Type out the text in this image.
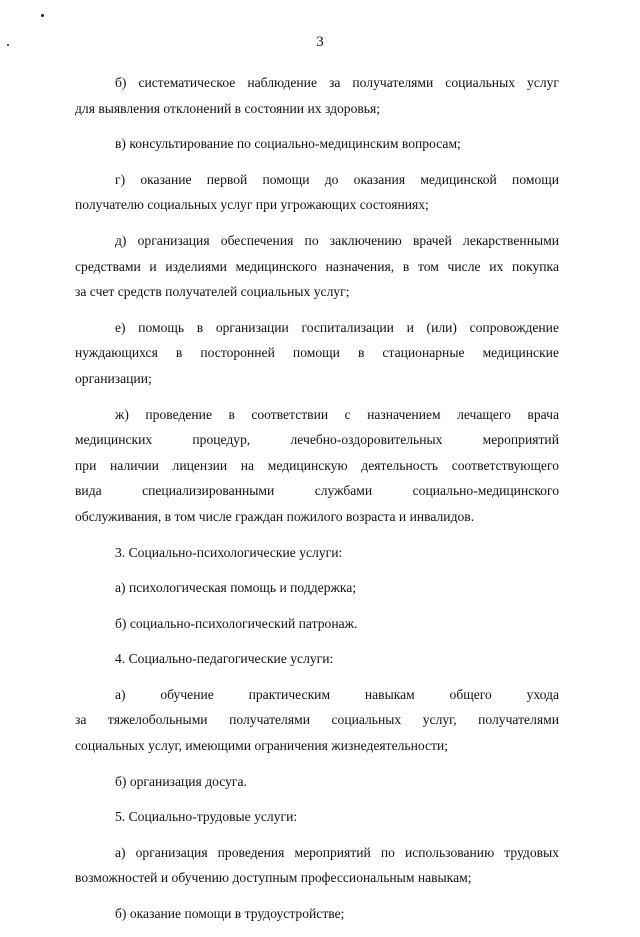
3

б) систематическое наблюдение за получателями социальных услуг
для выявления отклонений в состоянии их здоровья;

в) консультирование по социально-медицинским вопросам;

г) оказание первой помощи до оказания медицинской помощи
получателю социальных услуг при угрожающих состояниях;

д) организация обеспечения по заключению врачей лекарственными
средствами и изделиями медицинского назначения, в том числе их покупка
за счет средств получателей социальных услуг;

е) помощь в организации госпитализации и (или) сопровождение
нуждающихся в посторонней помощи в стационарные медицинские
организации;

ж) проведение в соответствии с назначением лечащего врача
медицинских процедур, лечебно-оздоровительных мероприятий
при наличии лицензии на медицинскую деятельность соответствующего
вида специализированными службами социально-медицинского
обслуживания, в том числе граждан пожилого возраста и инвалидов.

3. Социально-психологические услуги:

а) психологическая помощь и поддержка;

б) социально-психологический патронаж.

4. Социально-педагогические услуги:

а) обучение практическим навыкам общего ухода
за тяжелобольными получателями социальных услуг, получателями
социальных услуг, имеющими ограничения жизнедеятельности;

б) организация досуга.

5. Социально-трудовые услуги:

а) организация проведения мероприятий по использованию трудовых
возможностей и обучению доступным профессиональным навыкам;

б) оказание помощи в трудоустройстве;
